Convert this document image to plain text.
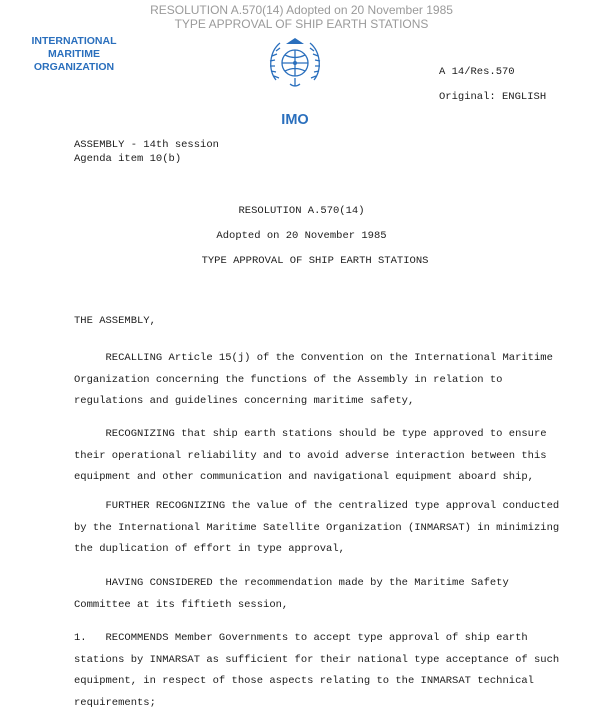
RESOLUTION A.570(14) Adopted on 20 November 1985
TYPE APPROVAL OF SHIP EARTH STATIONS
INTERNATIONAL MARITIME
ORGANIZATION
IMO
A 14/Res.570
Original: ENGLISH
ASSEMBLY - 14th session
Agenda item 10(b)
RESOLUTION A.570(14)
Adopted on 20 November 1985
TYPE APPROVAL OF SHIP EARTH STATIONS
THE ASSEMBLY,
RECALLING Article 15(j) of the Convention on the International Maritime
Organization concerning the functions of the Assembly in relation to
regulations and guidelines concerning maritime safety,
RECOGNIZING that ship earth stations should be type approved to ensure
their operational reliability and to avoid adverse interaction between this
equipment and other communication and navigational equipment aboard ship,
FURTHER RECOGNIZING the value of the centralized type approval conducted
by the International Maritime Satellite Organization (INMARSAT) in minimizing
the duplication of effort in type approval,
HAVING CONSIDERED the recommendation made by the Maritime Safety
Committee at its fiftieth session,
1.   RECOMMENDS Member Governments to accept type approval of ship earth
stations by INMARSAT as sufficient for their national type acceptance of such
equipment, in respect of those aspects relating to the INMARSAT technical
requirements;
